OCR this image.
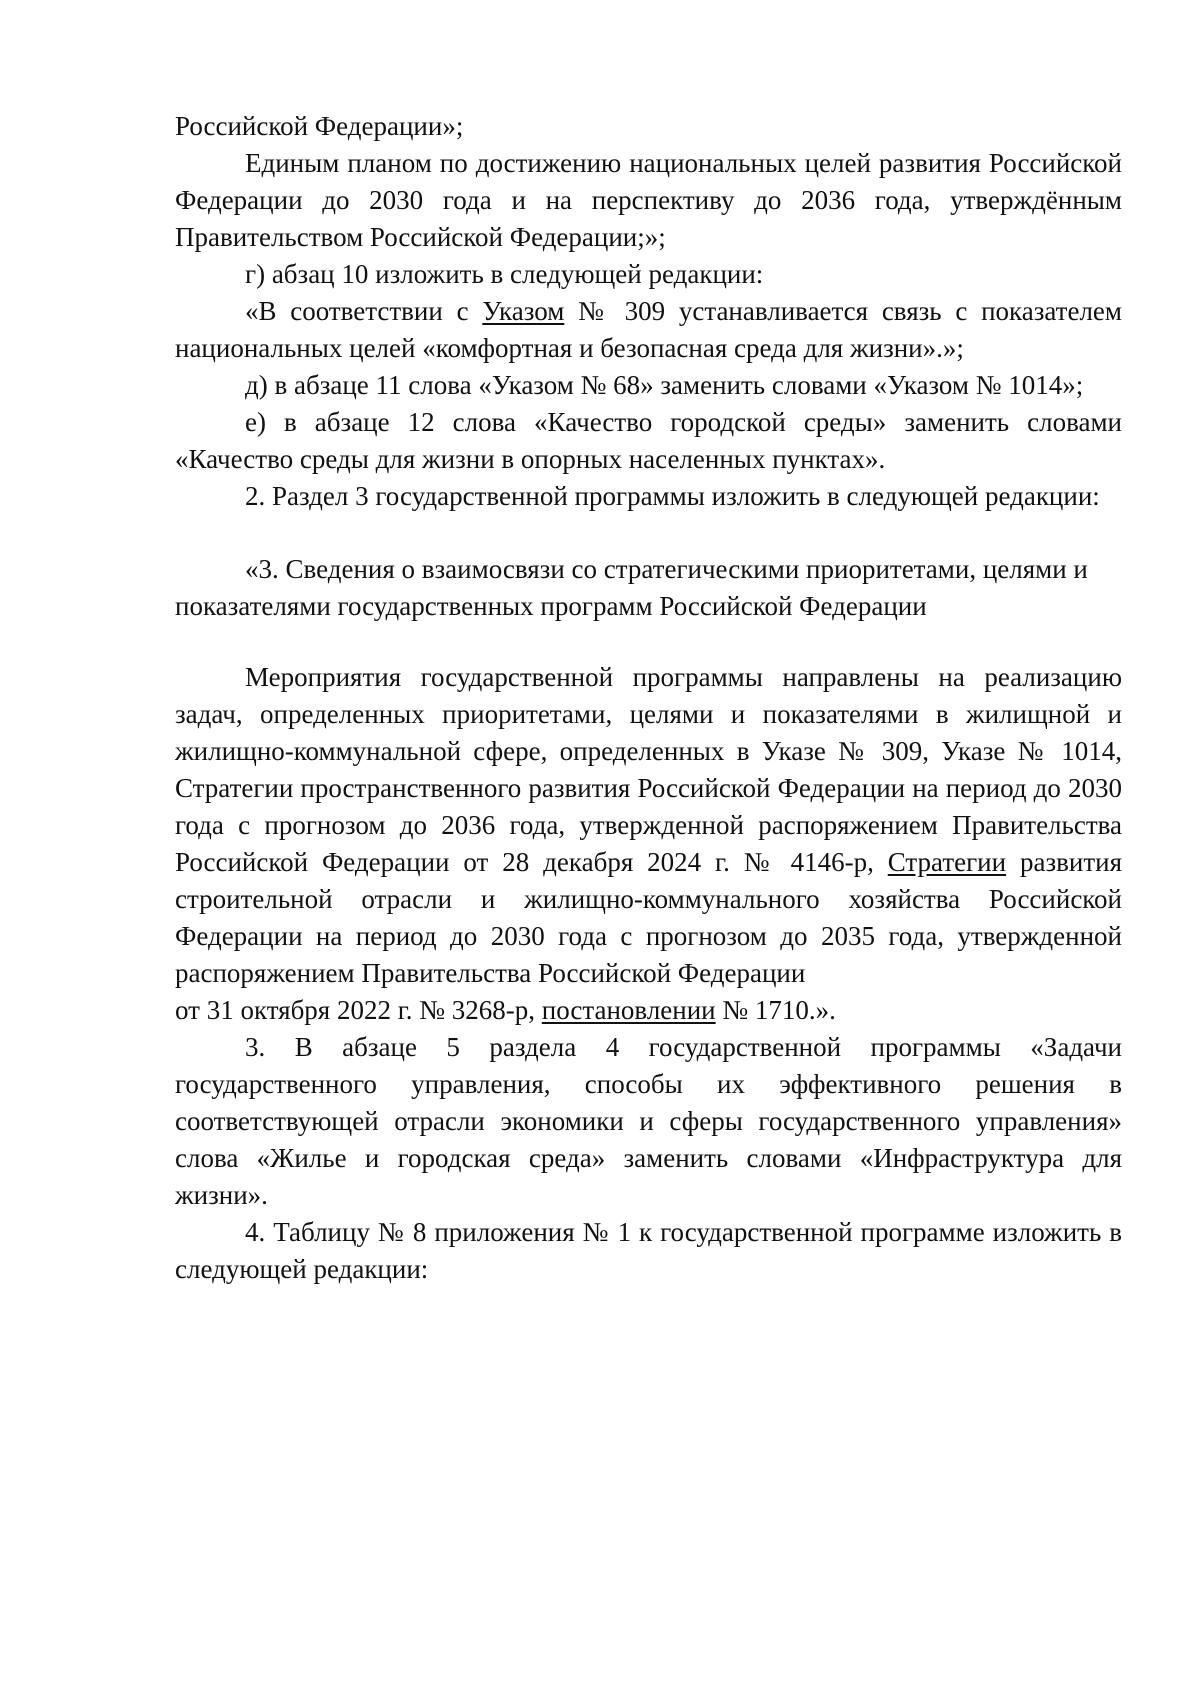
Российской Федерации»;

Единым планом по достижению национальных целей развития Российской Федерации до 2030 года и на перспективу до 2036 года, утверждённым Правительством Российской Федерации;»;

г) абзац 10 изложить в следующей редакции:

«В соответствии с Указом № 309 устанавливается связь с показателем национальных целей «комфортная и безопасная среда для жизни».»;

д) в абзаце 11 слова «Указом № 68» заменить словами «Указом № 1014»;

е) в абзаце 12 слова «Качество городской среды» заменить словами «Качество среды для жизни в опорных населенных пунктах».

2. Раздел 3 государственной программы изложить в следующей редакции:

«3. Сведения о взаимосвязи со стратегическими приоритетами, целями и показателями государственных программ Российской Федерации

Мероприятия государственной программы направлены на реализацию задач, определенных приоритетами, целями и показателями в жилищной и жилищно-коммунальной сфере, определенных в Указе № 309, Указе № 1014, Стратегии пространственного развития Российской Федерации на период до 2030 года с прогнозом до 2036 года, утвержденной распоряжением Правительства Российской Федерации от 28 декабря 2024 г. № 4146-р, Стратегии развития строительной отрасли и жилищно-коммунального хозяйства Российской Федерации на период до 2030 года с прогнозом до 2035 года, утвержденной распоряжением Правительства Российской Федерации

от 31 октября 2022 г. № 3268-р, постановлении № 1710.».

3. В абзаце 5 раздела 4 государственной программы «Задачи государственного управления, способы их эффективного решения в соответствующей отрасли экономики и сферы государственного управления» слова «Жилье и городская среда» заменить словами «Инфраструктура для жизни».

4. Таблицу № 8 приложения № 1 к государственной программе изложить в следующей редакции:
